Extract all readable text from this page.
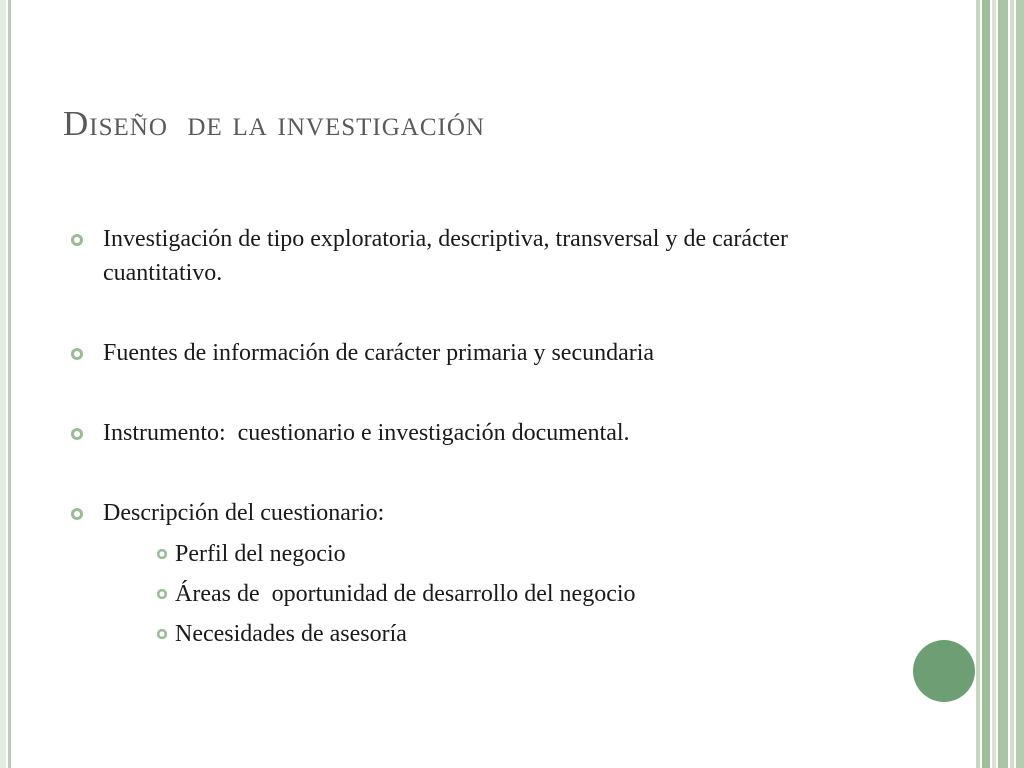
Diseño  de la investigación
Investigación de tipo exploratoria, descriptiva, transversal y de carácter  cuantitativo.
Fuentes de información de carácter primaria y secundaria
Instrumento:  cuestionario e investigación documental.
Descripción del cuestionario:
Perfil del negocio
Áreas de  oportunidad de desarrollo del negocio
Necesidades de asesoría
